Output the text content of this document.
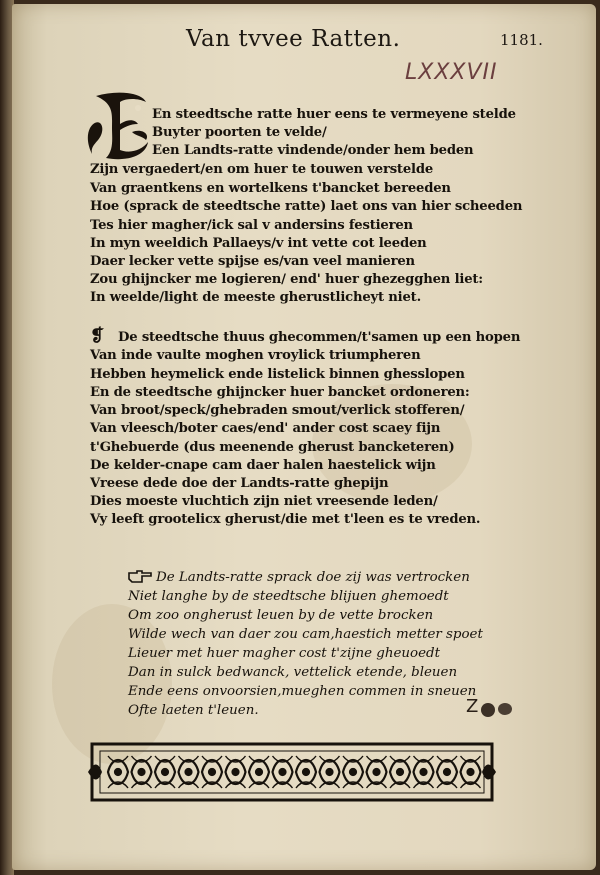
Van tvvee Ratten.	1181.
LXXXVII
En steedtsche ratte huer eens te vermeyene stelde
Buyter poorten te velde/
Een Landts-ratte vindende/onder hem beden
Zijn vergaedert/en om huer te touwen verstelde
Van graentkens en wortelkens t'bancket bereeden
Hoe (sprack de steedtsche ratte) laet ons van hier scheeden
Tes hier magher/ick sal v andersins festieren
In myn weeldich Pallaeys/v int vette cot leeden
Daer lecker vette spijse es/van veel manieren
Zou ghijncker me logieren/ end' huer ghezegghen liet:
In weelde/light de meeste gherustlicheyt niet.
❡ De steedtsche thuus ghecommen/t'samen up een hopen
Van inde vaulte moghen vroylick triumpheren
Hebben heymelick ende listelick binnen ghesslopen
En de steedtsche ghijncker huer bancket ordoneren:
Van broot/speck/ghebraden smout/verlick stofferen/
Van vleesch/boter caes/end' ander cost scaey fijn
t'Ghebuerde (dus meenende gherust bancketeren)
De kelder-cnape cam daer halen haestelick wijn
Vreese dede doe der Landts-ratte ghepijn
Dies moeste vluchtich zijn niet vreesende leden/
Vy leeft grootelicx gherust/die met t'leen es te vreden.
De Landts-ratte sprack doe zij was vertrocken
Niet langhe by de steedtsche blijuen ghemoedt
Om zoo ongherust leuen by de vette brocken
Wilde wech van daer zou cam,haestich metter spoet
Lieuer met huer magher cost t'zijne gheuoedt
Dan in sulck bedwanck, vettelick etende, bleuen
Ende eens onvoorsien,mueghen commen in sneuen
Ofte laeten t'leuen.	Z
